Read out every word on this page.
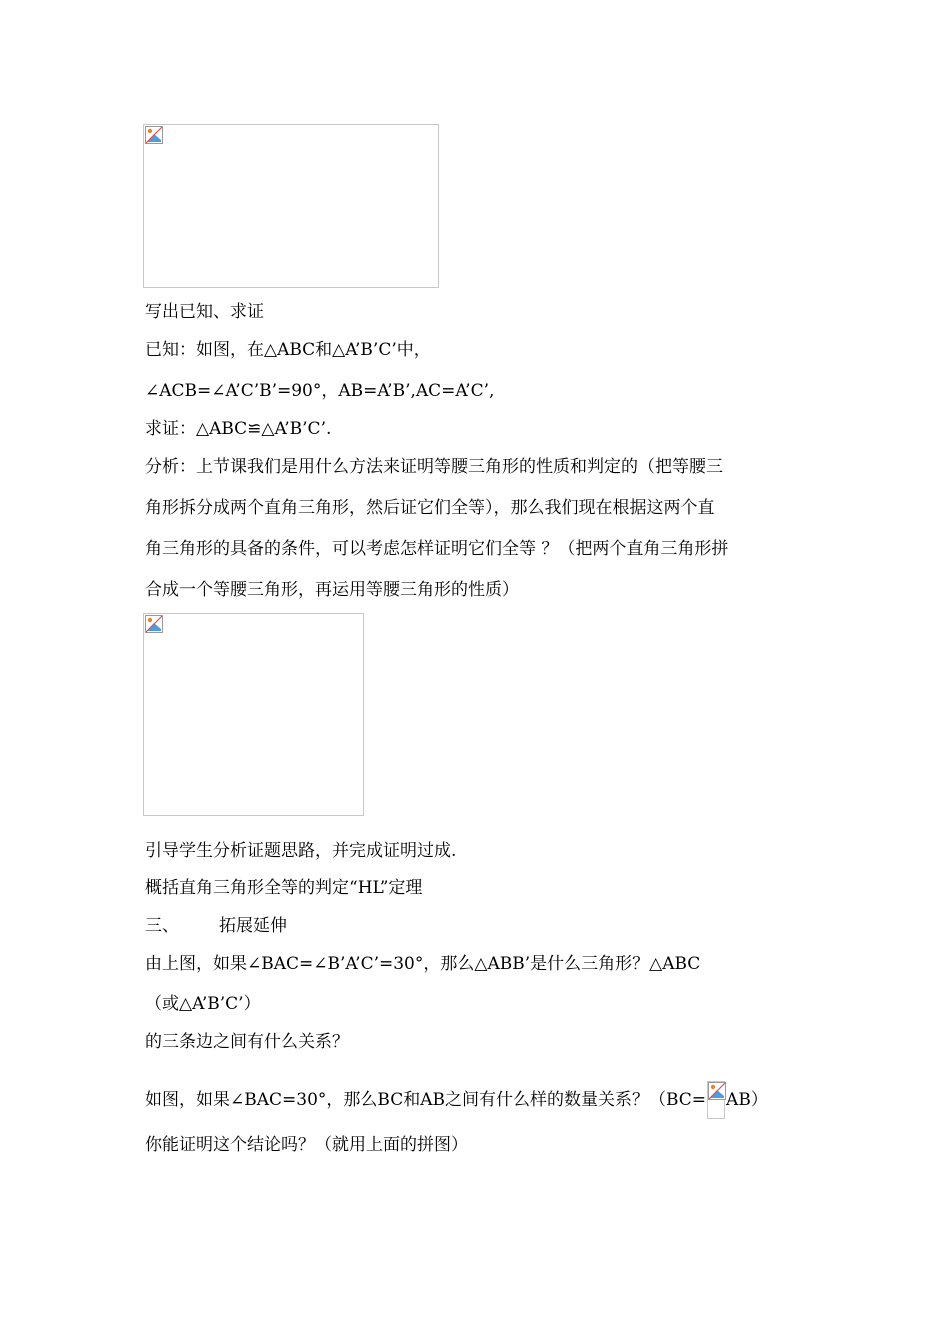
写出已知、求证
已知：如图，在△ABC和△A’B’C’中，
∠ACB=∠A’C’B’=90°，AB=A’B’,AC=A’C’,
求证：△ABC≌△A’B’C’.
分析：上节课我们是用什么方法来证明等腰三角形的性质和判定的（把等腰三
角形拆分成两个直角三角形，然后证它们全等），那么我们现在根据这两个直
角三角形的具备的条件，可以考虑怎样证明它们全等 ？（把两个直角三角形拼
合成一个等腰三角形，再运用等腰三角形的性质）
引导学生分析证题思路，并完成证明过成.
概括直角三角形全等的判定“HL”定理
三、 拓展延伸
由上图，如果∠BAC=∠B’A’C’=30°，那么△ABB’是什么三角形？△ABC
（或△A’B’C’）
的三条边之间有什么关系？
如图，如果∠BAC=30°，那么BC和AB之间有什么样的数量关系？（BC= AB）
你能证明这个结论吗？（就用上面的拼图）
